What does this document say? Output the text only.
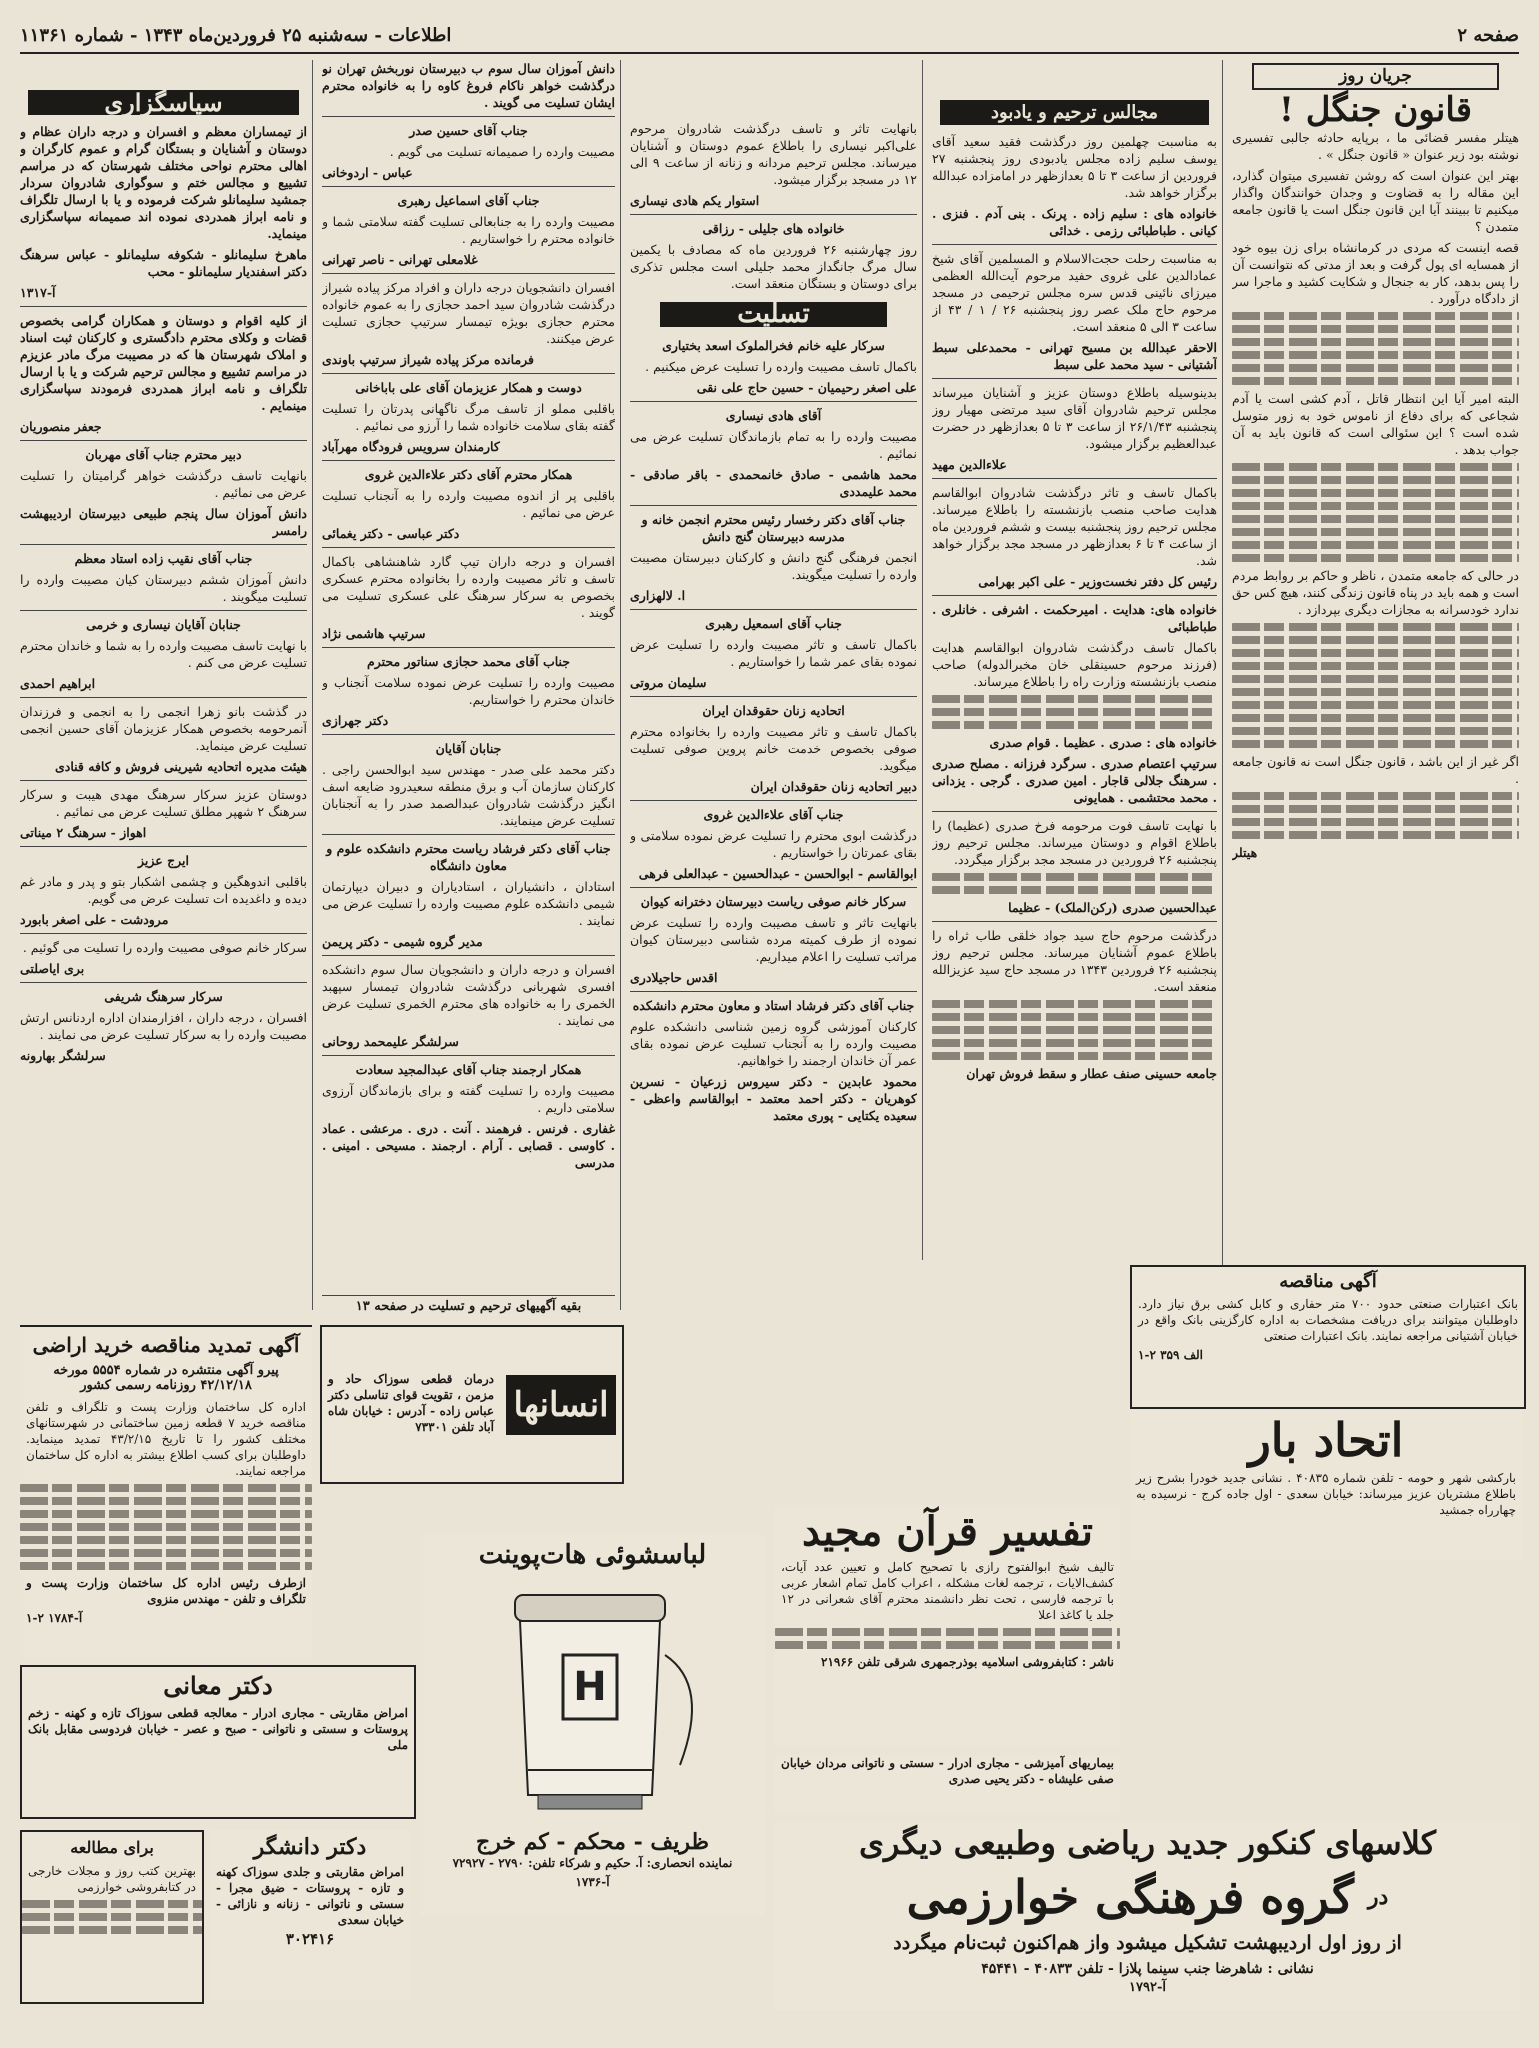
صفحه ۲
اطلاعات - سه‌شنبه ۲۵ فروردین‌ماه ۱۳۴۳ - شماره ۱۱۳۶۱
جریان روز
قانون جنگل !

هیتلر مفسر قضائی ما ، برپایه حادثه جالبی تفسیری نوشته بود زیر عنوان « قانون جنگل » .

بهتر این عنوان است که روشن تفسیری میتوان گذارد، این مقاله را به قضاوت و وجدان خوانندگان واگذار میکنیم تا ببینند آیا این قانون جنگل است یا قانون جامعه متمدن ؟

قصه اینست که مردی در کرمانشاه برای زن بیوه خود از همسایه ای پول گرفت و بعد از مدتی که نتوانست آن را پس بدهد، کار به جنجال و شکایت کشید و ماجرا سر از دادگاه درآورد .

البته امیر آیا این انتظار قاتل ، آدم کشی است یا آدم شجاعی که برای دفاع از ناموس خود به زور متوسل شده است ؟ این سئوالی است که قانون باید به آن جواب بدهد .

در حالی که جامعه متمدن ، ناظر و حاکم بر روابط مردم است و همه باید در پناه قانون زندگی کنند، هیچ کس حق ندارد خودسرانه به مجازات دیگری بپردازد .

اگر غیر از این باشد ، قانون جنگل است نه قانون جامعه .

هیتلر

آگهی مناقصه

بانک اعتبارات صنعتی حدود ۷۰۰ متر حفاری و کابل کشی برق نیاز دارد. داوطلبان میتوانند برای دریافت مشخصات به اداره کارگزینی بانک واقع در خیابان آشتیانی مراجعه نمایند. بانک اعتبارات صنعتی

الف ۳۵۹ ۲-۱

اتحاد بار

بارکشی شهر و حومه - تلفن شماره ۴۰۸۳۵ . نشانی جدید خودرا بشرح زیر باطلاع مشتریان عزیز میرساند: خیابان سعدی - اول جاده کرج - نرسیده به چهارراه جمشید

مجالس ترحیم و یادبود

به مناسبت چهلمین روز درگذشت فقید سعید آقای یوسف سلیم زاده مجلس یادبودی روز پنجشنبه ۲۷ فروردین از ساعت ۳ تا ۵ بعدازظهر در امامزاده عبدالله برگزار خواهد شد.

خانواده های : سلیم زاده . پرنک . بنی آدم . فنزی . کیانی . طباطبائی رزمی . خدائی

به مناسبت رحلت حجت‌الاسلام و المسلمین آقای شیخ عمادالدین علی غروی حفید مرحوم آیت‌الله العظمی میرزای نائینی قدس سره مجلس ترحیمی در مسجد مرحوم حاج ملک عصر روز پنجشنبه ۲۶ / ۱ / ۴۳ از ساعت ۳ الی ۵ منعقد است.

الاحقر عبدالله بن مسیح تهرانی - محمدعلی سبط آشتیانی - سید محمد علی سبط

بدینوسیله باطلاع دوستان عزیز و آشنایان میرساند مجلس ترحیم شادروان آقای سید مرتضی مهیار روز پنجشنبه ۲۶/۱/۴۳ از ساعت ۳ تا ۵ بعدازظهر در حضرت عبدالعظیم برگزار میشود.

علاءالدین مهید

باکمال تاسف و تاثر درگذشت شادروان ابوالقاسم هدایت صاحب منصب بازنشسته را باطلاع میرساند. مجلس ترحیم روز پنجشنبه بیست و ششم فروردین ماه از ساعت ۴ تا ۶ بعدازظهر در مسجد مجد برگزار خواهد شد.

رئیس کل دفتر نخست‌وزیر - علی اکبر بهرامی

خانواده های: هدایت . امیرحکمت . اشرفی . خانلری . طباطبائی

باکمال تاسف درگذشت شادروان ابوالقاسم هدایت (فرزند مرحوم حسینقلی خان مخبرالدوله) صاحب منصب بازنشسته وزارت راه را باطلاع میرساند.

خانواده های : صدری . عظیما . قوام صدری

سرتیپ اعتصام صدری . سرگرد فرزانه . مصلح صدری . سرهنگ جلالی قاجار . امین صدری . گرجی . یزدانی . محمد محتشمی . همایونی

با نهایت تاسف فوت مرحومه فرخ صدری (عظیما) را باطلاع اقوام و دوستان میرساند. مجلس ترحیم روز پنجشنبه ۲۶ فروردین در مسجد مجد برگزار میگردد.

عبدالحسین صدری (رکن‌الملک) - عظیما

درگذشت مرحوم حاج سید جواد خلقی طاب ثراه را باطلاع عموم آشنایان میرساند. مجلس ترحیم روز پنجشنبه ۲۶ فروردین ۱۳۴۳ در مسجد حاج سید عزیزالله منعقد است.

جامعه حسینی صنف عطار و سقط فروش تهران

بانهایت تاثر و تاسف درگذشت شادروان مرحوم علی‌اکبر نیساری را باطلاع عموم دوستان و آشنایان میرساند. مجلس ترحیم مردانه و زنانه از ساعت ۹ الی ۱۲ در مسجد برگزار میشود.

استوار یکم هادی نیساری

خانواده های جلیلی - رزاقی

روز چهارشنبه ۲۶ فروردین ماه که مصادف با یکمین سال مرگ جانگداز محمد جلیلی است مجلس تذکری برای دوستان و بستگان منعقد است.

تسلیت

سرکار علیه خانم فخرالملوک اسعد بختیاری

باکمال تاسف مصیبت وارده را تسلیت عرض میکنیم .

علی اصغر رحیمیان - حسین حاج علی نقی

آقای هادی نیساری

مصیبت وارده را به تمام بازماندگان تسلیت عرض می نمائیم .

محمد هاشمی - صادق خانمحمدی - باقر صادقی - محمد علیمددی

جناب آقای دکتر رخسار رئیس محترم انجمن خانه و مدرسه دبیرستان گنج دانش

انجمن فرهنگی گنج دانش و کارکنان دبیرستان مصیبت وارده را تسلیت میگویند.

ا. لالهزاری

جناب آقای اسمعیل رهبری

باکمال تاسف و تاثر مصیبت وارده را تسلیت عرض نموده بقای عمر شما را خواستاریم .

سلیمان مروتی

اتحادیه زنان حقوقدان ایران

باکمال تاسف و تاثر مصیبت وارده را بخانواده محترم صوفی بخصوص خدمت خانم پروین صوفی تسلیت میگوید.

دبیر اتحادیه زنان حقوقدان ایران

جناب آقای علاءالدین غروی

درگذشت ابوی محترم را تسلیت عرض نموده سلامتی و بقای عمرتان را خواستاریم .

ابوالقاسم - ابوالحسن - عبدالحسین - عبدالعلی فرهی

سرکار خانم صوفی ریاست دبیرستان دخترانه کیوان

بانهایت تاثر و تاسف مصیبت وارده را تسلیت عرض نموده از طرف کمیته مرده شناسی دبیرستان کیوان مراتب تسلیت را اعلام میداریم.

اقدس حاجیلادری

جناب آقای دکتر فرشاد استاد و معاون محترم دانشکده

کارکنان آموزشی گروه زمین شناسی دانشکده علوم مصیبت وارده را به آنجناب تسلیت عرض نموده بقای عمر آن خاندان ارجمند را خواهانیم.

محمود عابدین - دکتر سیروس زرعیان - نسرین کوهریان - دکتر احمد معتمد - ابوالقاسم واعظی - سعیده یکتایی - پوری معتمد

دانش آموزان سال سوم ب دبیرستان نوربخش تهران نو درگذشت خواهر ناکام فروغ کاوه را به خانواده محترم ایشان تسلیت می گویند .

جناب آقای حسین صدر

مصیبت وارده را صمیمانه تسلیت می گویم .

عباس - اردوخانی

جناب آقای اسماعیل رهبری

مصیبت وارده را به جنابعالی تسلیت گفته سلامتی شما و خانواده محترم را خواستاریم .

غلامعلی تهرانی - ناصر تهرانی

افسران دانشجویان درجه داران و افراد مرکز پیاده شیراز درگذشت شادروان سید احمد حجازی را به عموم خانواده محترم حجازی بویژه تیمسار سرتیپ حجازی تسلیت عرض میکنند.

فرمانده مرکز پیاده شیراز سرتیپ باوندی

دوست و همکار عزیزمان آقای علی باباخانی

باقلبی مملو از تاسف مرگ ناگهانی پدرتان را تسلیت گفته بقای سلامت خانواده شما را آرزو می نمائیم .

کارمندان سرویس فرودگاه مهرآباد

همکار محترم آقای دکتر علاءالدین غروی

باقلبی پر از اندوه مصیبت وارده را به آنجناب تسلیت عرض می نمائیم .

دکتر عباسی - دکتر یغمائی

افسران و درجه داران تیپ گارد شاهنشاهی باکمال تاسف و تاثر مصیبت وارده را بخانواده محترم عسکری بخصوص به سرکار سرهنگ علی عسکری تسلیت می گویند .

سرتیپ هاشمی نژاد

جناب آقای محمد حجازی سناتور محترم

مصیبت وارده را تسلیت عرض نموده سلامت آنجناب و خاندان محترم را خواستاریم.

دکتر جهرازی

جنابان آقایان

دکتر محمد علی صدر - مهندس سید ابوالحسن راجی . کارکنان سازمان آب و برق منطقه سعیدرود ضایعه اسف انگیز درگذشت شادروان عبدالصمد صدر را به آنجنابان تسلیت عرض مینمایند.

جناب آقای دکتر فرشاد ریاست محترم دانشکده علوم و معاون دانشگاه

استادان ، دانشیاران ، استادیاران و دبیران دیپارتمان شیمی دانشکده علوم مصیبت وارده را تسلیت عرض می نمایند .

مدیر گروه شیمی - دکتر پریمن

افسران و درجه داران و دانشجویان سال سوم دانشکده افسری شهربانی درگذشت شادروان تیمسار سپهبد الخمری را به خانواده های محترم الخمری تسلیت عرض می نمایند .

سرلشگر علیمحمد روحانی

همکار ارجمند جناب آقای عبدالمجید سعادت

مصیبت وارده را تسلیت گفته و برای بازماندگان آرزوی سلامتی داریم .

غفاری . فرنس . فرهمند . آنت . دری . مرعشی . عماد . کاوسی . قصابی . آرام . ارجمند . مسیحی . امینی . مدرسی

بقیه آگهیهای ترحیم و تسلیت در صفحه ۱۳
سپاسگزاری

از تیمساران معظم و افسران و درجه داران عظام و دوستان و آشنایان و بستگان گرام و عموم کارگران و اهالی محترم نواحی مختلف شهرستان که در مراسم تشییع و مجالس ختم و سوگواری شادروان سردار جمشید سلیمانلو شرکت فرموده و یا با ارسال تلگراف و نامه ابراز همدردی نموده اند صمیمانه سپاسگزاری مینماید.

ماهرخ سلیمانلو - شکوفه سلیمانلو - عباس سرهنگ دکتر اسفندیار سلیمانلو - محب

آ-۱۳۱۷

از کلیه اقوام و دوستان و همکاران گرامی بخصوص قضات و وکلای محترم دادگستری و کارکنان ثبت اسناد و املاک شهرستان ها که در مصیبت مرگ مادر عزیزم در مراسم تشییع و مجالس ترحیم شرکت و یا با ارسال تلگراف و نامه ابراز همدردی فرمودند سپاسگزاری مینمایم .

جعفر منصوریان

دبیر محترم جناب آقای مهربان

بانهایت تاسف درگذشت خواهر گرامیتان را تسلیت عرض می نمائیم .

دانش آموزان سال پنجم طبیعی دبیرستان اردیبهشت رامسر

جناب آقای نقیب زاده استاد معظم

دانش آموزان ششم دبیرستان کیان مصیبت وارده را تسلیت میگویند .

جنابان آقایان نیساری و خرمی

با نهایت تاسف مصیبت وارده را به شما و خاندان محترم تسلیت عرض می کنم .

ابراهیم احمدی

در گذشت بانو زهرا انجمی را به انجمی و فرزندان آنمرحومه بخصوص همکار عزیزمان آقای حسین انجمی تسلیت عرض مینماید.

هیئت مدیره اتحادیه شیرینی فروش و کافه قنادی

دوستان عزیز سرکار سرهنگ مهدی هیبت و سرکار سرهنگ ۲ شهپر مطلق تسلیت عرض می نمائیم .

اهواز - سرهنگ ۲ میناتی

ایرج عزیز

باقلبی اندوهگین و چشمی اشکبار بتو و پدر و مادر غم دیده و داغدیده ات تسلیت عرض می گویم.

مرودشت - علی اصغر بابورد

سرکار خانم صوفی مصیبت وارده را تسلیت می گوئیم .

بری ایاصلتی

سرکار سرهنگ شریفی

افسران ، درجه داران ، افزارمندان اداره اردنانس ارتش مصیبت وارده را به سرکار تسلیت عرض می نمایند .

سرلشگر بهارونه

انسانها

درمان قطعی سوزاک حاد و مزمن ، تقویت قوای تناسلی دکتر عباس زاده - آدرس : خیابان شاه آباد تلفن ۷۳۳۰۱

آگهی تمدید مناقصه خرید اراضی
پیرو آگهی منتشره در شماره ۵۵۵۴ مورخه ۴۲/۱۲/۱۸ روزنامه رسمی کشور

اداره کل ساختمان وزارت پست و تلگراف و تلفن مناقصه خرید ۷ قطعه زمین ساختمانی در شهرستانهای مختلف کشور را تا تاریخ ۴۳/۲/۱۵ تمدید مینماید. داوطلبان برای کسب اطلاع بیشتر به اداره کل ساختمان مراجعه نمایند.

ازطرف رئیس اداره کل ساختمان وزارت پست و تلگراف و تلفن - مهندس منزوی

آ-۱۷۸۴ ۲-۱

تفسیر قرآن مجید

تالیف شیخ ابوالفتوح رازی با تصحیح کامل و تعیین عدد آیات، کشف‌الایات ، ترجمه لغات مشکله ، اعراب کامل تمام اشعار عربی با ترجمه فارسی ، تحت نظر دانشمند محترم آقای شعرانی در ۱۲ جلد یا کاغذ اعلا

ناشر : کتابفروشی اسلامیه بوذرجمهری شرقی تلفن ۲۱۹۶۶

لباسشوئی هات‌پوینت
H
ظریف - محکم - کم خرج

نماینده انحصاری: آ. حکیم و شرکاء تلفن: ۲۷۹۰ - ۷۲۹۲۷

آ-۱۷۳۶

دکتر معانی

امراض مقاربتی - مجاری ادرار - معالجه قطعی سوزاک تازه و کهنه - زخم پروستات و سستی و ناتوانی - صبح و عصر - خیابان فردوسی مقابل بانک ملی

دکتر دانشگر

امراض مقاربتی و جلدی سوزاک کهنه و تازه - پروستات - ضیق مجرا - سستی و ناتوانی - زنانه و نازائی - خیابان سعدی

۳۰۲۴۱۶

برای مطالعه

بهترین کتب روز و مجلات خارجی در کتابفروشی خوارزمی

بیماریهای آمیزشی - مجاری ادرار - سستی و ناتوانی مردان خیابان صفی علیشاه - دکتر یحیی صدری

کلاسهای کنکور جدید ریاضی وطبیعی دیگری
در
گروه فرهنگی خوارزمی
از روز اول اردیبهشت تشکیل میشود واز هم‌اکنون ثبت‌نام میگردد
نشانی : شاهرضا جنب سینما پلازا - تلفن ۴۰۸۳۳ - ۴۵۴۴۱
آ-۱۷۹۲
